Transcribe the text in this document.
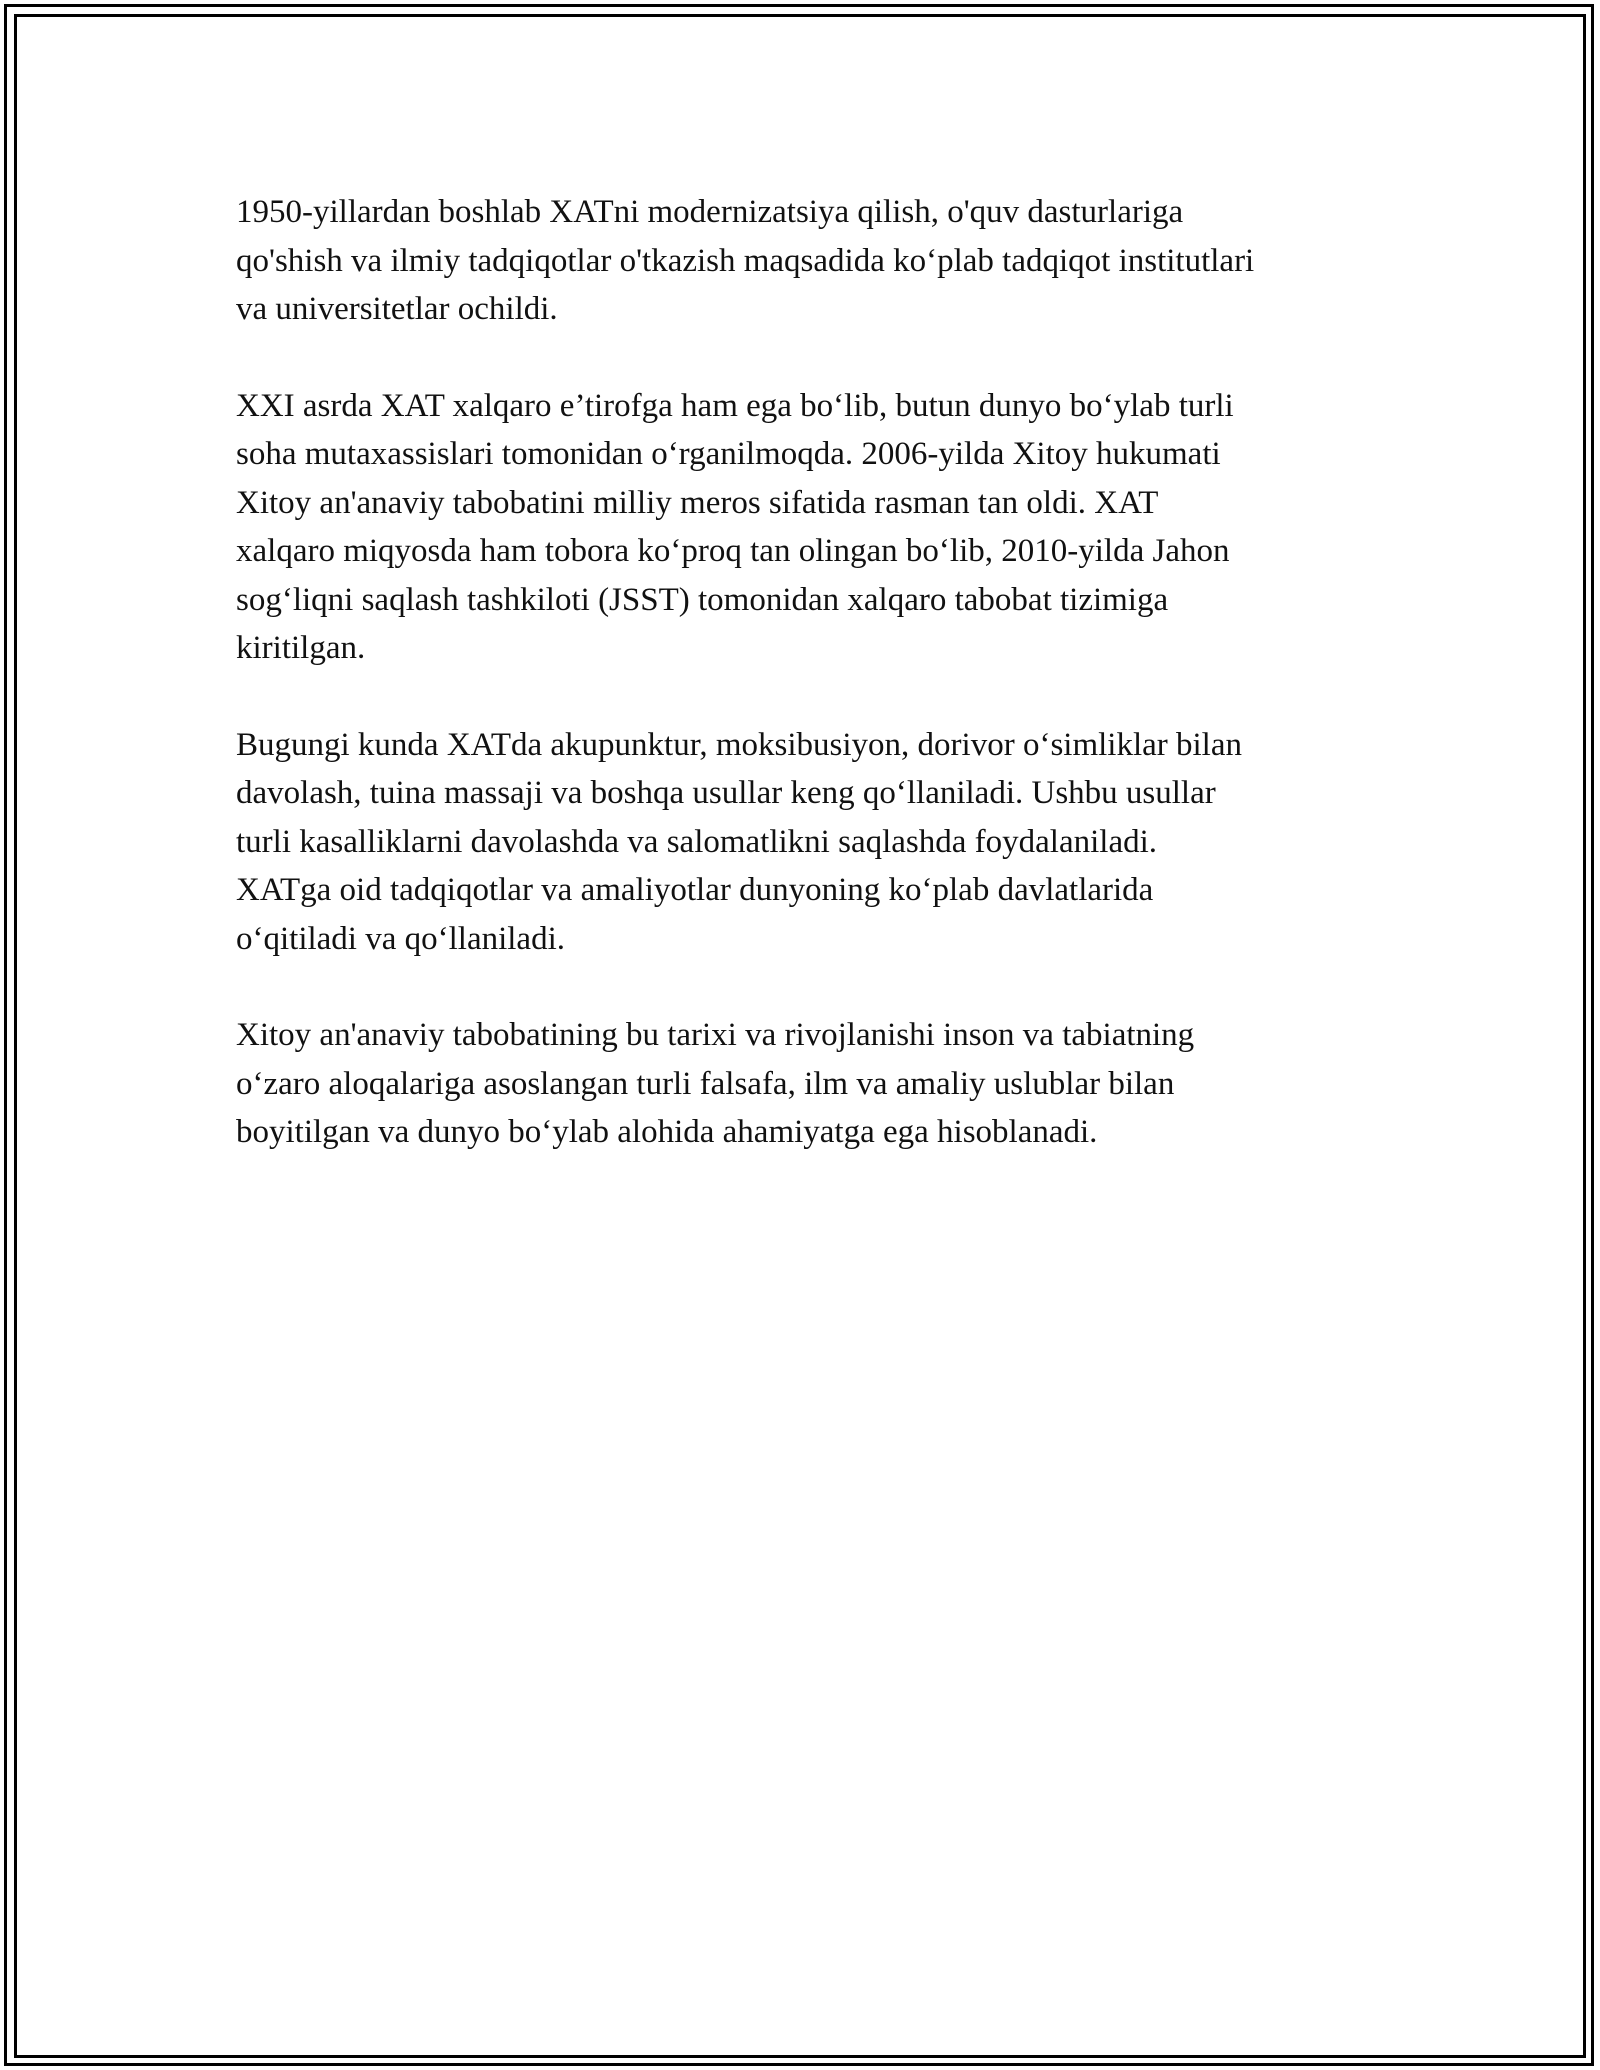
1950-yillardan boshlab XATni modernizatsiya qilish, o'quv dasturlariga
qo'shish va ilmiy tadqiqotlar o'tkazish maqsadida ko‘plab tadqiqot institutlari
va universitetlar ochildi.

XXI asrda XAT xalqaro e’tirofga ham ega bo‘lib, butun dunyo bo‘ylab turli
soha mutaxassislari tomonidan o‘rganilmoqda. 2006-yilda Xitoy hukumati
Xitoy an'anaviy tabobatini milliy meros sifatida rasman tan oldi. XAT
xalqaro miqyosda ham tobora ko‘proq tan olingan bo‘lib, 2010-yilda Jahon
sog‘liqni saqlash tashkiloti (JSST) tomonidan xalqaro tabobat tizimiga
kiritilgan.

Bugungi kunda XATda akupunktur, moksibusiyon, dorivor o‘simliklar bilan
davolash, tuina massaji va boshqa usullar keng qo‘llaniladi. Ushbu usullar
turli kasalliklarni davolashda va salomatlikni saqlashda foydalaniladi.
XATga oid tadqiqotlar va amaliyotlar dunyoning ko‘plab davlatlarida
o‘qitiladi va qo‘llaniladi.

Xitoy an'anaviy tabobatining bu tarixi va rivojlanishi inson va tabiatning
o‘zaro aloqalariga asoslangan turli falsafa, ilm va amaliy uslublar bilan
boyitilgan va dunyo bo‘ylab alohida ahamiyatga ega hisoblanadi.
